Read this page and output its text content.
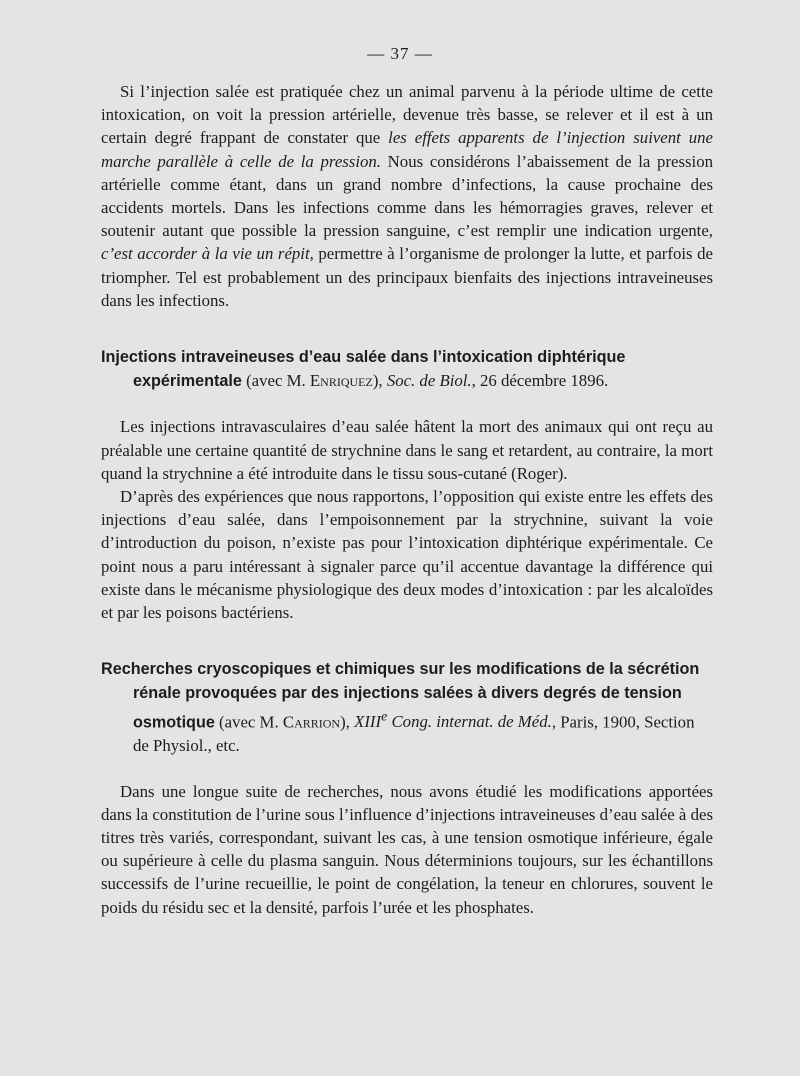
— 37 —

Si l’injection salée est pratiquée chez un animal parvenu à la période ultime de cette intoxication, on voit la pression artérielle, devenue très basse, se relever et il est à un certain degré frappant de constater que les effets apparents de l’injection suivent une marche parallèle à celle de la pression. Nous considérons l’abaissement de la pression artérielle comme étant, dans un grand nombre d’infections, la cause prochaine des accidents mortels. Dans les infections comme dans les hémorragies graves, relever et soutenir autant que possible la pression sanguine, c’est remplir une indication urgente, c’est accorder à la vie un répit, permettre à l’organisme de prolonger la lutte, et parfois de triompher. Tel est probablement un des principaux bienfaits des injections intraveineuses dans les infections.

Injections intraveineuses d’eau salée dans l’intoxication diphtérique expérimentale (avec M. Enriquez), Soc. de Biol., 26 décembre 1896.

Les injections intravasculaires d’eau salée hâtent la mort des animaux qui ont reçu au préalable une certaine quantité de strychnine dans le sang et retardent, au contraire, la mort quand la strychnine a été introduite dans le tissu sous-cutané (Roger).

D’après des expériences que nous rapportons, l’opposition qui existe entre les effets des injections d’eau salée, dans l’empoisonnement par la strychnine, suivant la voie d’introduction du poison, n’existe pas pour l’intoxication diphtérique expérimentale. Ce point nous a paru intéressant à signaler parce qu’il accentue davantage la différence qui existe dans le mécanisme physiologique des deux modes d’intoxication : par les alcaloïdes et par les poisons bactériens.

Recherches cryoscopiques et chimiques sur les modifications de la sécrétion rénale provoquées par des injections salées à divers degrés de tension osmotique (avec M. Carrion), XIIIe Cong. internat. de Méd., Paris, 1900, Section de Physiol., etc.

Dans une longue suite de recherches, nous avons étudié les modifications apportées dans la constitution de l’urine sous l’influence d’injections intraveineuses d’eau salée à des titres très variés, correspondant, suivant les cas, à une tension osmotique inférieure, égale ou supérieure à celle du plasma sanguin. Nous déterminions toujours, sur les échantillons successifs de l’urine recueillie, le point de congélation, la teneur en chlorures, souvent le poids du résidu sec et la densité, parfois l’urée et les phosphates.
